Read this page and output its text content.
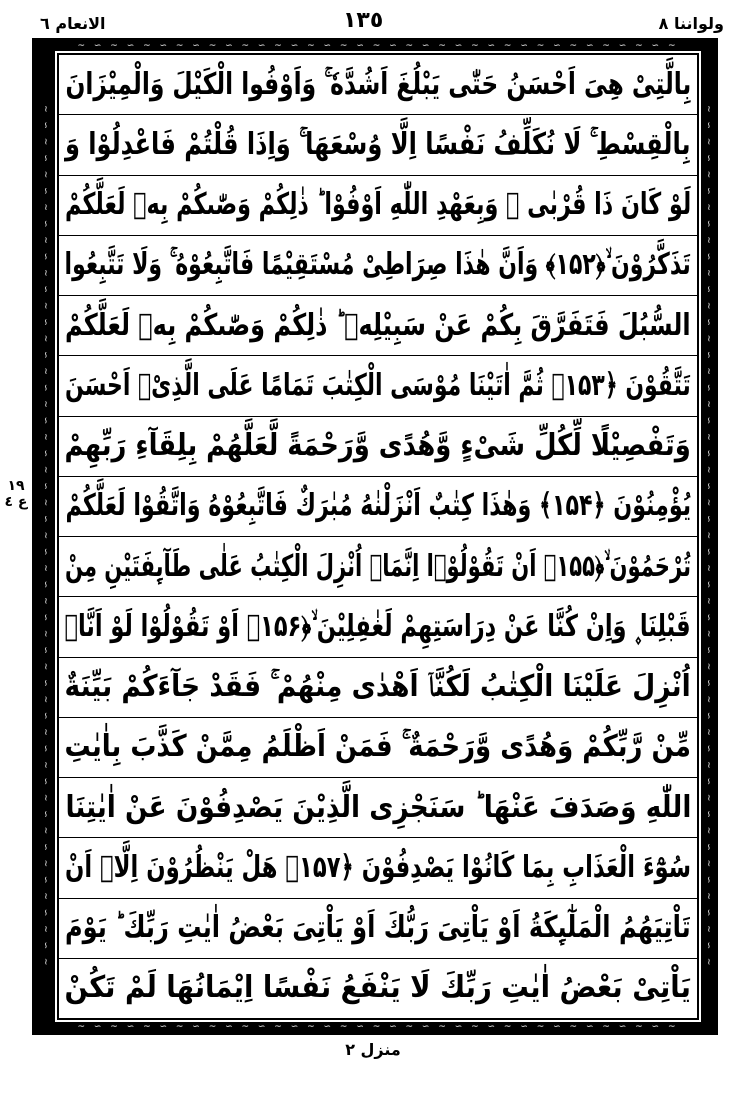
الانعام ٦	١٣٥	ولواننا ٨
١٩ ع ٤
~ ∽ ~ ∽ ~ ∽ ~ ∽ ~ ∽ ~ ∽ ~ ∽ ~ ∽ ~ ∽ ~ ∽ ~ ∽ ~ ∽ ~ ∽ ~ ∽ ~ ∽ ~ ∽ ~ ∽ ~ ∽ ~
~ ∽ ~ ∽ ~ ∽ ~ ∽ ~ ∽ ~ ∽ ~ ∽ ~ ∽ ~ ∽ ~ ∽ ~ ∽ ~ ∽ ~ ∽ ~ ∽ ~ ∽ ~ ∽ ~ ∽ ~ ∽ ~
~ ∽ ~ ∽ ~ ∽ ~ ∽ ~ ∽ ~ ∽ ~ ∽ ~ ∽ ~ ∽ ~ ∽ ~ ∽ ~ ∽ ~ ∽ ~ ∽ ~ ∽ ~ ∽ ~ ∽ ~ ∽ ~ ∽ ~ ∽ ~ ∽ ~ ∽ ~ ∽ ~ ∽ ~ ∽ ~ ∽ ~	~ ∽ ~ ∽ ~ ∽ ~ ∽ ~ ∽ ~ ∽ ~ ∽ ~ ∽ ~ ∽ ~ ∽ ~ ∽ ~ ∽ ~ ∽ ~ ∽ ~ ∽ ~ ∽ ~ ∽ ~ ∽ ~ ∽ ~ ∽ ~ ∽ ~ ∽ ~ ∽ ~ ∽ ~ ∽ ~ ∽ ~
بِالَّتِیْ هِیَ اَحْسَنُ حَتّٰی یَبْلُغَ اَشُدَّهٗ ۚ وَاَوْفُوا الْكَیْلَ وَالْمِیْزَانَ
بِالْقِسْطِ ۚ لَا نُكَلِّفُ نَفْسًا اِلَّا وُسْعَهَا ۚ وَاِذَا قُلْتُمْ فَاعْدِلُوْا وَ
لَوْ كَانَ ذَا قُرْبٰی ۚ وَبِعَهْدِ اللّٰهِ اَوْفُوْا ؕ ذٰلِكُمْ وَصّٰىكُمْ بِهٖ لَعَلَّكُمْ
تَذَكَّرُوْنَ ۙ﴿۱۵۲﴾ وَاَنَّ هٰذَا صِرَاطِیْ مُسْتَقِیْمًا فَاتَّبِعُوْهُ ۚ وَلَا تَتَّبِعُوا
السُّبُلَ فَتَفَرَّقَ بِكُمْ عَنْ سَبِیْلِهٖ ؕ ذٰلِكُمْ وَصّٰىكُمْ بِهٖ لَعَلَّكُمْ
تَتَّقُوْنَ ﴿۱۵۳﴾ ثُمَّ اٰتَیْنَا مُوْسَی الْكِتٰبَ تَمَامًا عَلَی الَّذِیْۤ اَحْسَنَ
وَتَفْصِیْلًا لِّكُلِّ شَیْءٍ وَّهُدًی وَّرَحْمَةً لَّعَلَّهُمْ بِلِقَآءِ رَبِّهِمْ
یُؤْمِنُوْنَ ﴿۱۵۴﴾ وَهٰذَا كِتٰبٌ اَنْزَلْنٰهُ مُبٰرَكٌ فَاتَّبِعُوْهُ وَاتَّقُوْا لَعَلَّكُمْ
تُرْحَمُوْنَ ۙ﴿۱۵۵﴾ اَنْ تَقُوْلُوْۤا اِنَّمَاۤ اُنْزِلَ الْكِتٰبُ عَلٰی طَآىِٕفَتَیْنِ مِنْ
قَبْلِنَا ۪ وَاِنْ كُنَّا عَنْ دِرَاسَتِهِمْ لَغٰفِلِیْنَ ۙ﴿۱۵۶﴾ اَوْ تَقُوْلُوْا لَوْ اَنَّاۤ
اُنْزِلَ عَلَیْنَا الْكِتٰبُ لَكُنَّاۤ اَهْدٰی مِنْهُمْ ۚ فَقَدْ جَآءَكُمْ بَیِّنَةٌ
مِّنْ رَّبِّكُمْ وَهُدًی وَّرَحْمَةٌ ۚ فَمَنْ اَظْلَمُ مِمَّنْ كَذَّبَ بِاٰیٰتِ
اللّٰهِ وَصَدَفَ عَنْهَا ؕ سَنَجْزِی الَّذِیْنَ یَصْدِفُوْنَ عَنْ اٰیٰتِنَا
سُوْٓءَ الْعَذَابِ بِمَا كَانُوْا یَصْدِفُوْنَ ﴿۱۵۷﴾ هَلْ یَنْظُرُوْنَ اِلَّاۤ اَنْ
تَاْتِیَهُمُ الْمَلٰٓىِٕكَةُ اَوْ یَاْتِیَ رَبُّكَ اَوْ یَاْتِیَ بَعْضُ اٰیٰتِ رَبِّكَ ؕ یَوْمَ
یَاْتِیْ بَعْضُ اٰیٰتِ رَبِّكَ لَا یَنْفَعُ نَفْسًا اِیْمَانُهَا لَمْ تَكُنْ
منزل ٢
